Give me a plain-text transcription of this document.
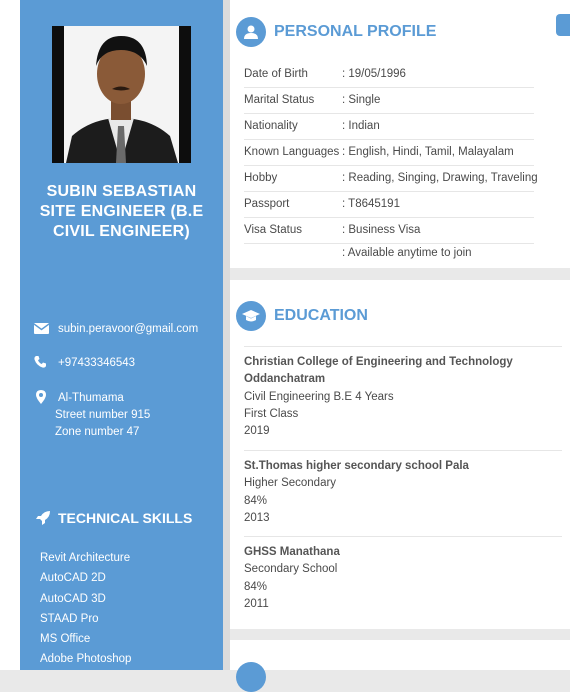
SUBIN SEBASTIAN
SITE ENGINEER (B.E
CIVIL ENGINEER)
subin.peravoor@gmail.com
+97433346543
Al-Thumama
Street number 915
Zone number 47
TECHNICAL SKILLS
Revit Architecture
AutoCAD 2D
AutoCAD 3D
STAAD Pro
MS Office
Adobe Photoshop
PERSONAL PROFILE
Date of Birth	: 19/05/1996
Marital Status : Single
Nationality	: Indian
Known Languages : English, Hindi, Tamil, Malayalam
Hobby	: Reading, Singing, Drawing, Traveling
Passport	: T8645191
Visa Status	: Business Visa
: Available anytime to join
EDUCATION
Christian College of Engineering and Technology
Oddanchatram
Civil Engineering B.E 4 Years
First Class
2019
St.Thomas higher secondary school Pala
Higher Secondary
84%
2013
GHSS Manathana
Secondary School
84%
2011
